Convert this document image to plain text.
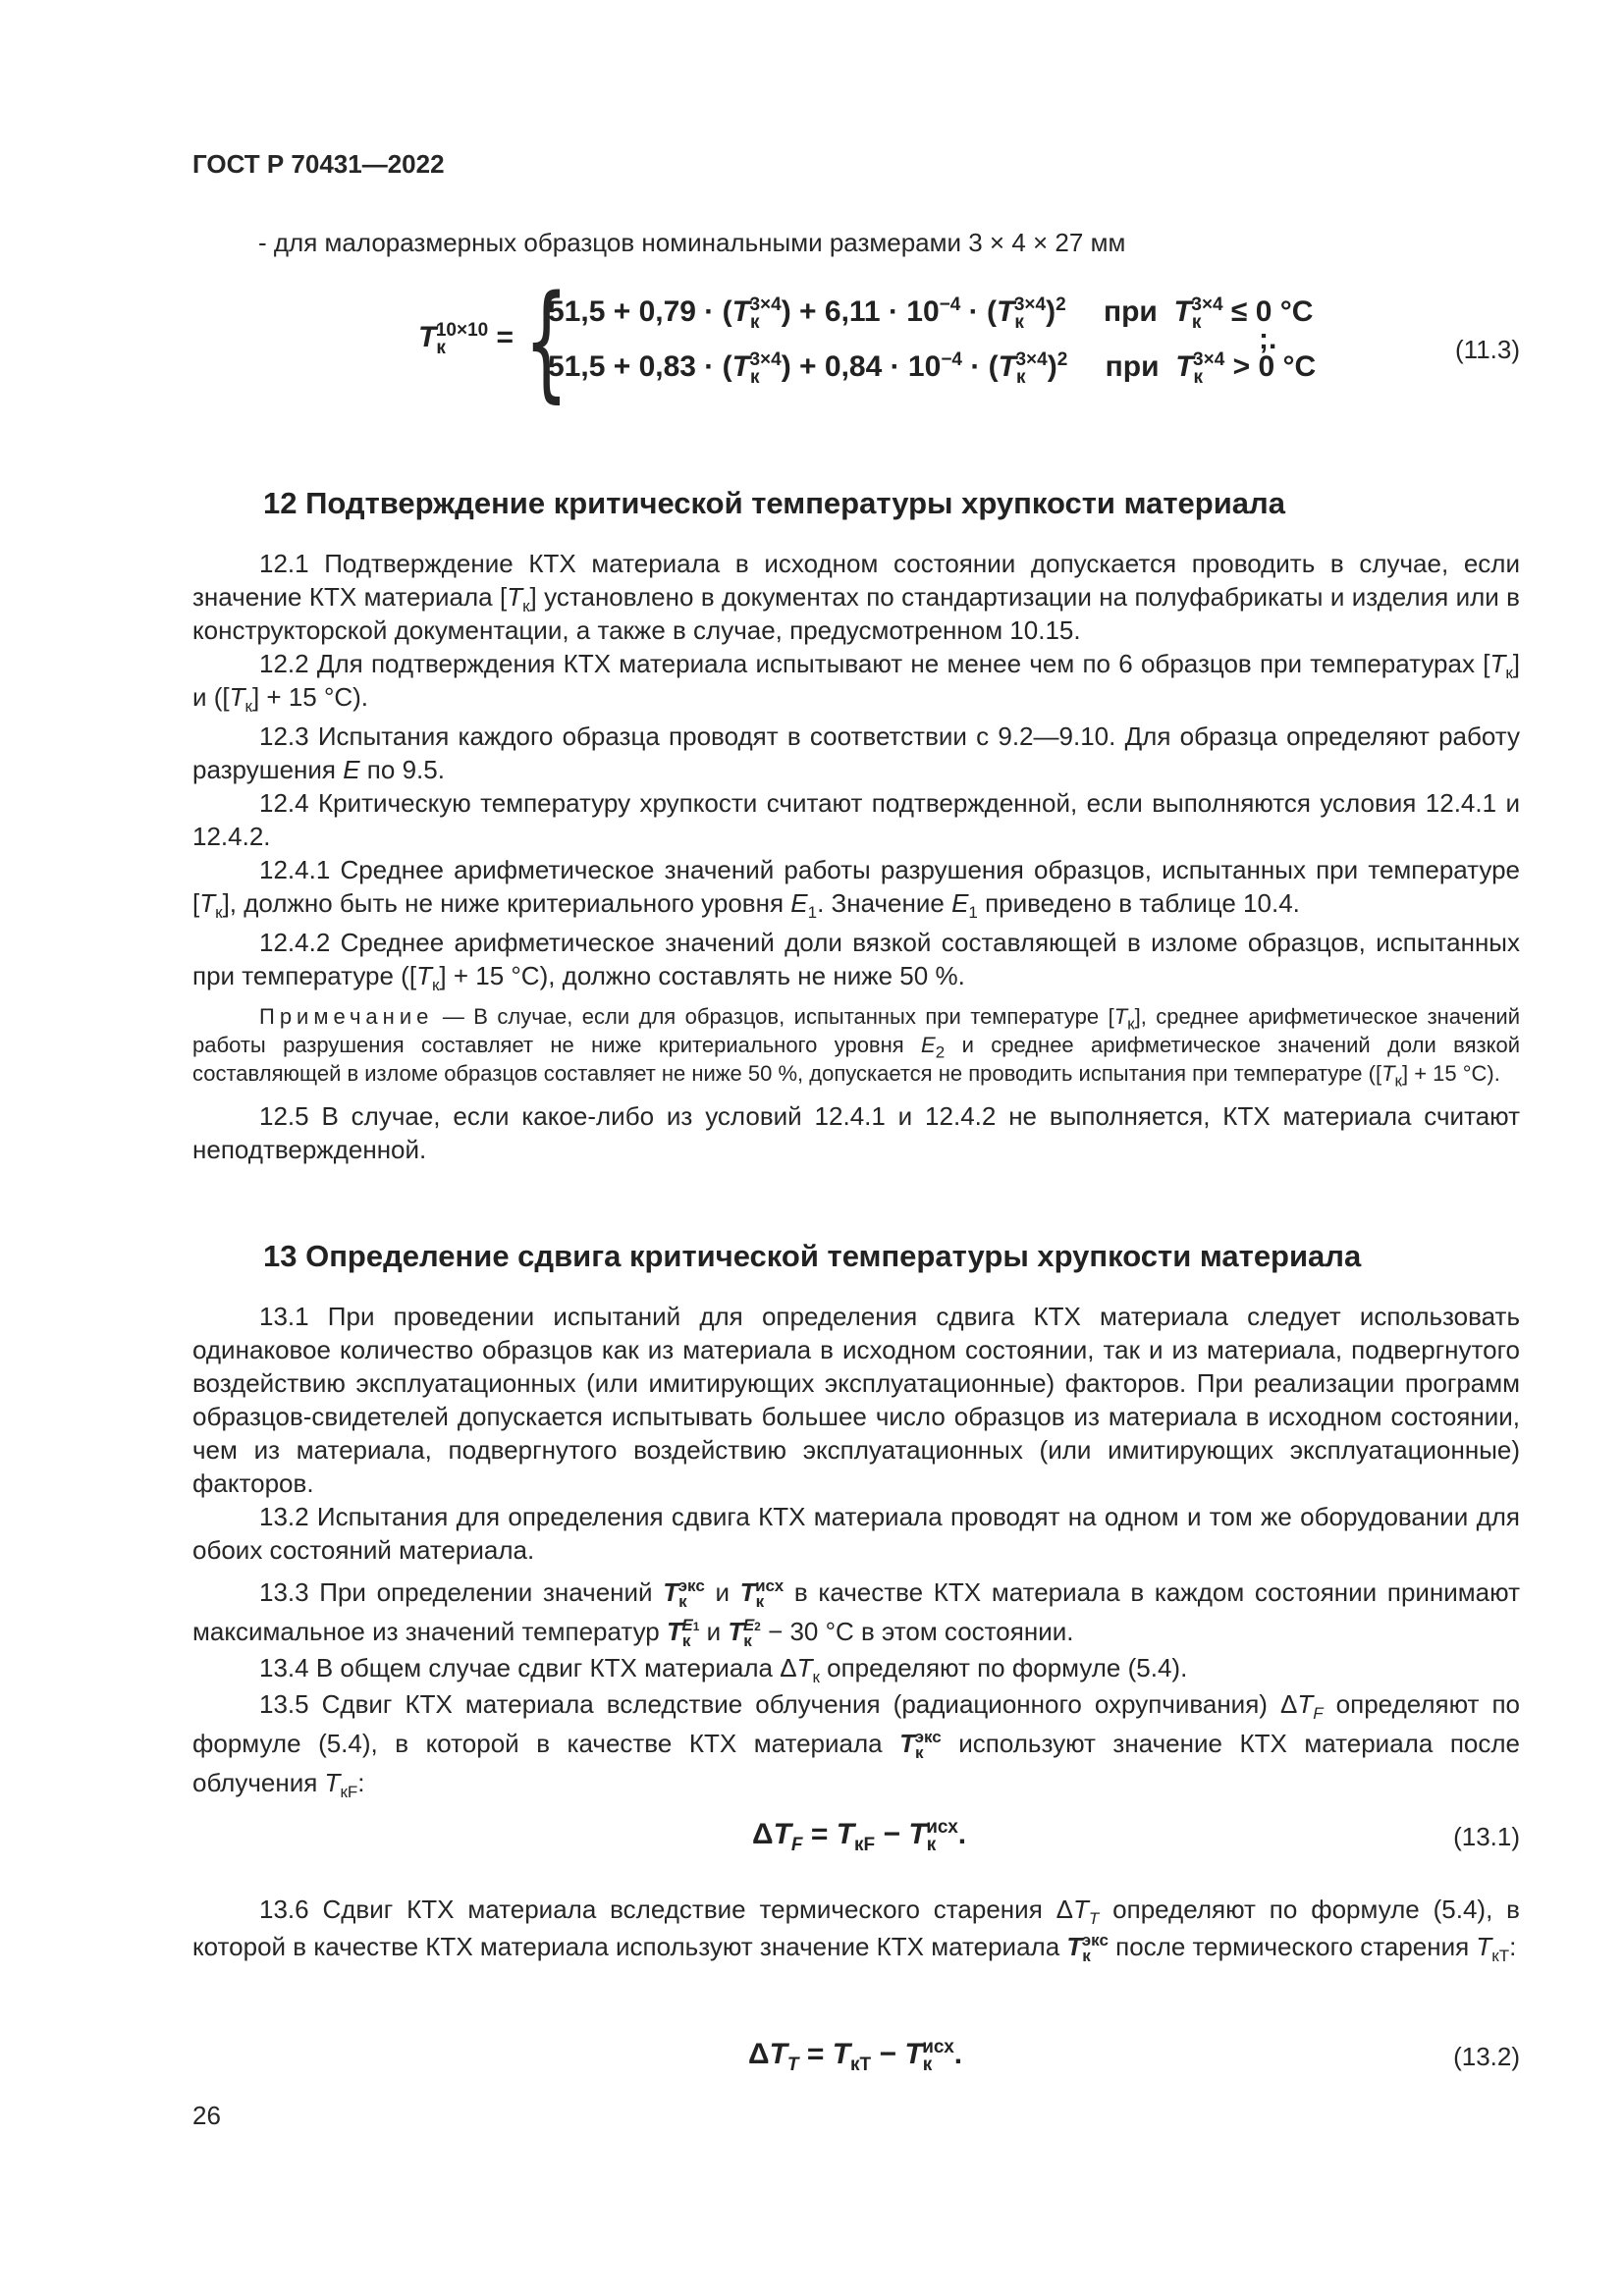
ГОСТ Р 70431—2022
- для малоразмерных образцов номинальными размерами 3 × 4 × 27 мм
$T_к^{10\times 10}$ = {
$51,5 + 0,79 \cdot (T_к^{3\times 4}) + 6,11 \cdot 10^{-4} \cdot (T_к^{3\times 4})^2$ при $T_к^{3\times 4} \le 0$ °C
$51,5 + 0,83 \cdot (T_к^{3\times 4}) + 0,84 \cdot 10^{-4} \cdot (T_к^{3\times 4})^2$ при $T_к^{3\times 4} > 0$ °C
;.	(11.3)
12 Подтверждение критической температуры хрупкости материала

12.1 Подтверждение КТХ материала в исходном состоянии допускается проводить в случае, если значение КТХ материала $[T_к]$ установлено в документах по стандартизации на полуфабрикаты и изделия или в конструкторской документации, а также в случае, предусмотренном 10.15.

12.2 Для подтверждения КТХ материала испытывают не менее чем по 6 образцов при температурах $[T_к]$ и ($[T_к] + 15$ °C).

12.3 Испытания каждого образца проводят в соответствии с 9.2—9.10. Для образца определяют работу разрушения E по 9.5.

12.4 Критическую температуру хрупкости считают подтвержденной, если выполняются условия 12.4.1 и 12.4.2.

12.4.1 Среднее арифметическое значений работы разрушения образцов, испытанных при температуре $[T_к]$, должно быть не ниже критериального уровня $E_1$. Значение $E_1$ приведено в таблице 10.4.

12.4.2 Среднее арифметическое значений доли вязкой составляющей в изломе образцов, испытанных при температуре ($[T_к] + 15$ °C), должно составлять не ниже 50 %.

Примечание — В случае, если для образцов, испытанных при температуре $[T_к]$, среднее арифметическое значений работы разрушения составляет не ниже критериального уровня $E_2$ и среднее арифметическое значений доли вязкой составляющей в изломе образцов составляет не ниже 50 %, допускается не проводить испытания при температуре ($[T_к] + 15$ °C).

12.5 В случае, если какое-либо из условий 12.4.1 и 12.4.2 не выполняется, КТХ материала считают неподтвержденной.

13 Определение сдвига критической температуры хрупкости материала

13.1 При проведении испытаний для определения сдвига КТХ материала следует использовать одинаковое количество образцов как из материала в исходном состоянии, так и из материала, подвергнутого воздействию эксплуатационных (или имитирующих эксплуатационные) факторов. При реализации программ образцов-свидетелей допускается испытывать большее число образцов из материала в исходном состоянии, чем из материала, подвергнутого воздействию эксплуатационных (или имитирующих эксплуатационные) факторов.

13.2 Испытания для определения сдвига КТХ материала проводят на одном и том же оборудовании для обоих состояний материала.

13.3 При определении значений $T_к^{экс}$ и $T_к^{исх}$ в качестве КТХ материала в каждом состоянии принимают максимальное из значений температур $T_к^{E1}$ и $T_к^{E2} - 30$ °C в этом состоянии.

13.4 В общем случае сдвиг КТХ материала $\Delta T_к$ определяют по формуле (5.4).

13.5 Сдвиг КТХ материала вследствие облучения (радиационного охрупчивания) $\Delta T_F$ определяют по формуле (5.4), в которой в качестве КТХ материала $T_к^{экс}$ используют значение КТХ материала после облучения $T_{кF}$:

$\Delta T_F = T_{кF} - T_к^{исх}$.	(13.1)

13.6 Сдвиг КТХ материала вследствие термического старения $\Delta T_T$ определяют по формуле (5.4), в которой в качестве КТХ материала используют значение КТХ материала $T_к^{экс}$ после термического старения $T_{кT}$:

$\Delta T_T = T_{кT} - T_к^{исх}$.	(13.2)
26
